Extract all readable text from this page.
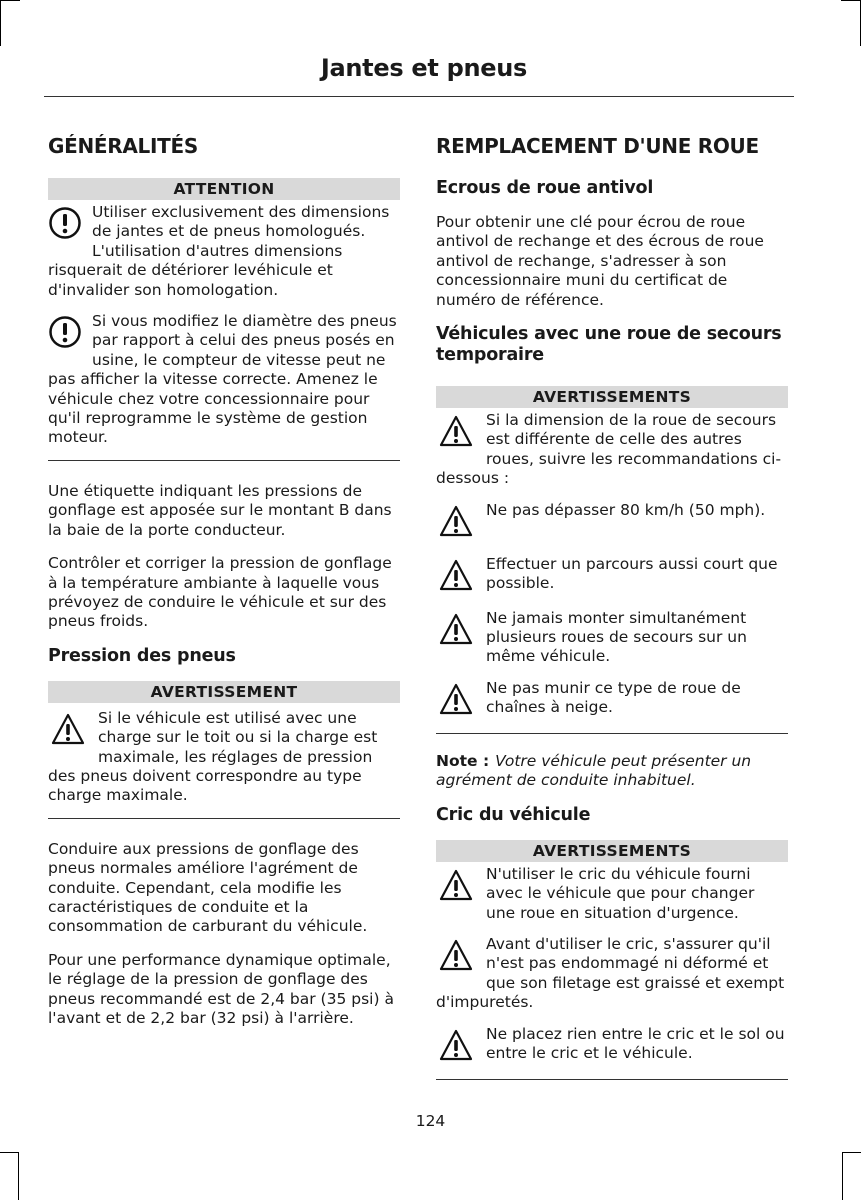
Jantes et pneus
GÉNÉRALITÉS
ATTENTION
Utiliser exclusivement des dimensions de jantes et de pneus homologués. L'utilisation d'autres dimensions risquerait de détériorer levéhicule et d'invalider son homologation.
Si vous modifiez le diamètre des pneus par rapport à celui des pneus posés en usine, le compteur de vitesse peut ne pas afficher la vitesse correcte. Amenez le véhicule chez votre concessionnaire pour qu'il reprogramme le système de gestion moteur.
Une étiquette indiquant les pressions de gonflage est apposée sur le montant B dans la baie de la porte conducteur.
Contrôler et corriger la pression de gonflage à la température ambiante à laquelle vous prévoyez de conduire le véhicule et sur des pneus froids.
Pression des pneus
AVERTISSEMENT
Si le véhicule est utilisé avec une charge sur le toit ou si la charge est maximale, les réglages de pression des pneus doivent correspondre au type charge maximale.
Conduire aux pressions de gonflage des pneus normales améliore l'agrément de conduite. Cependant, cela modifie les caractéristiques de conduite et la consommation de carburant du véhicule.
Pour une performance dynamique optimale, le réglage de la pression de gonflage des pneus recommandé est de 2,4 bar (35 psi) à l'avant et de 2,2 bar (32 psi) à l'arrière.
REMPLACEMENT D'UNE ROUE
Ecrous de roue antivol
Pour obtenir une clé pour écrou de roue antivol de rechange et des écrous de roue antivol de rechange, s'adresser à son concessionnaire muni du certificat de numéro de référence.
Véhicules avec une roue de secours temporaire
AVERTISSEMENTS
Si la dimension de la roue de secours est différente de celle des autres roues, suivre les recommandations ci-dessous :
Ne pas dépasser 80 km/h (50 mph).
Effectuer un parcours aussi court que possible.
Ne jamais monter simultanément plusieurs roues de secours sur un même véhicule.
Ne pas munir ce type de roue de chaînes à neige.
Note : Votre véhicule peut présenter un agrément de conduite inhabituel.
Cric du véhicule
AVERTISSEMENTS
N'utiliser le cric du véhicule fourni avec le véhicule que pour changer une roue en situation d'urgence.
Avant d'utiliser le cric, s'assurer qu'il n'est pas endommagé ni déformé et que son filetage est graissé et exempt d'impuretés.
Ne placez rien entre le cric et le sol ou entre le cric et le véhicule.
124
